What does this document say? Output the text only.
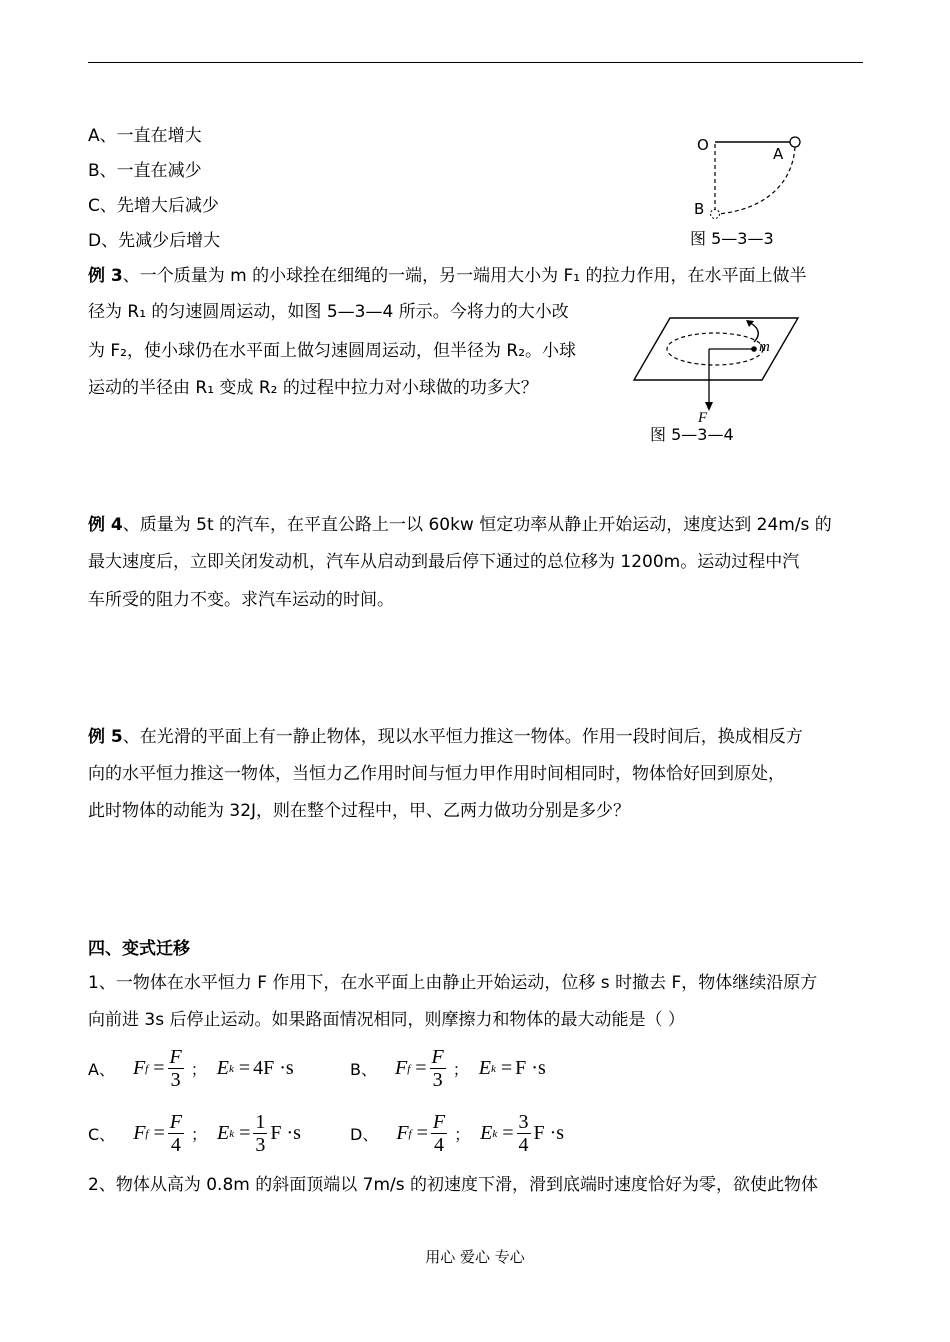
A、一直在增大
B、一直在减少
C、先增大后减少
D、先减少后增大
O	A
B
图 5—3—3
例 3、一个质量为 m 的小球拴在细绳的一端，另一端用大小为 F₁ 的拉力作用，在水平面上做半
径为 R₁ 的匀速圆周运动，如图 5—3—4 所示。今将力的大小改
为 F₂，使小球仍在水平面上做匀速圆周运动，但半径为 R₂。小球
运动的半径由 R₁ 变成 R₂ 的过程中拉力对小球做的功多大？
m
F
图 5—3—4
例 4、质量为 5t 的汽车，在平直公路上一以 60kw 恒定功率从静止开始运动，速度达到 24m/s 的
最大速度后，立即关闭发动机，汽车从启动到最后停下通过的总位移为 1200m。运动过程中汽
车所受的阻力不变。求汽车运动的时间。
例 5、在光滑的平面上有一静止物体，现以水平恒力推这一物体。作用一段时间后，换成相反方
向的水平恒力推这一物体，当恒力乙作用时间与恒力甲作用时间相同时，物体恰好回到原处，
此时物体的动能为 32J，则在整个过程中，甲、乙两力做功分别是多少？
四、变式迁移
1、一物体在水平恒力 F 作用下，在水平面上由静止开始运动，位移 s 时撤去 F，物体继续沿原方
向前进 3s 后停止运动。如果路面情况相同，则摩擦力和物体的最大动能是（ ）
A、 F $f = \frac{F}{3}$ ； E k = 4F ·s	B、 F $f = \frac{F}{3}$ ； E k = F ·s
C、 F $f = \frac{F}{4}$ ； E $k = \frac{1}{3}$ F ·s	D、 F $f = \frac{F}{4}$ ； E $k = \frac{3}{4}$ F ·s
2、物体从高为 0.8m 的斜面顶端以 7m/s 的初速度下滑，滑到底端时速度恰好为零，欲使此物体
用心 爱心 专心
